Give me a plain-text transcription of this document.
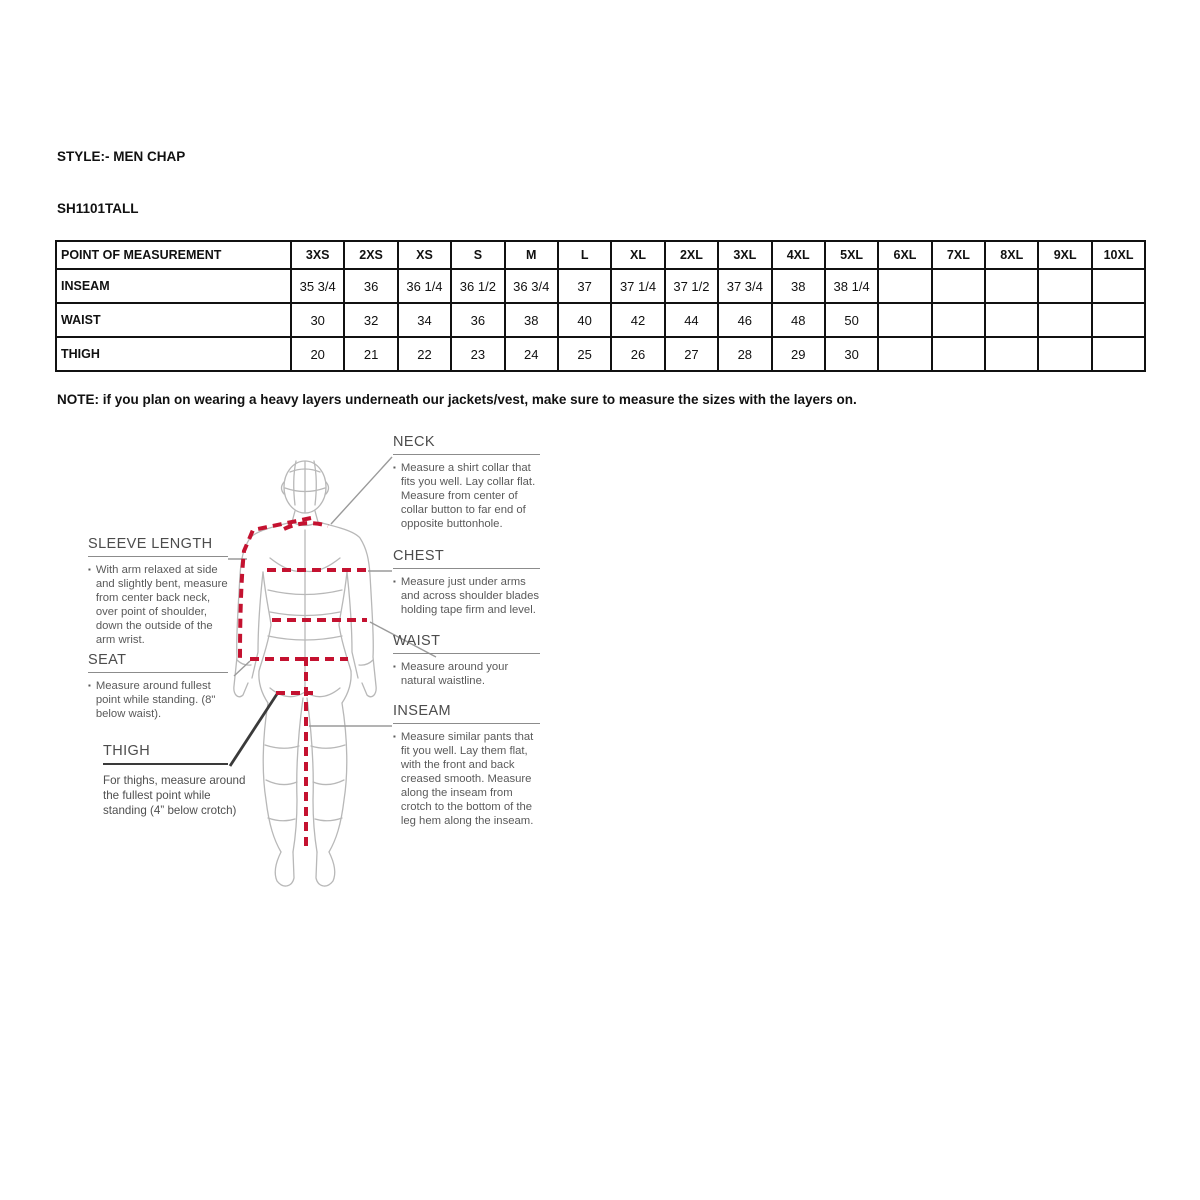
STYLE:- MEN CHAP
SH1101TALL
POINT OF MEASUREMENT	3XS	2XS	XS	S	M	L	XL	2XL	3XL	4XL	5XL	6XL	7XL	8XL	9XL	10XL
INSEAM	35 3/4	36	36 1/4	36 1/2	36 3/4	37	37 1/4	37 1/2	37 3/4	38	38 1/4					
WAIST	30	32	34	36	38	40	42	44	46	48	50					
THIGH	20	21	22	23	24	25	26	27	28	29	30					
NOTE: if you plan on wearing a heavy layers underneath our jackets/vest, make sure to measure the sizes with the layers on.
NECK
▪ Measure a shirt collar that fits you well. Lay collar flat. Measure from center of collar button to far end of opposite buttonhole.

CHEST
▪ Measure just under arms and across shoulder blades holding tape firm and level.

WAIST
▪ Measure around your natural waistline.

INSEAM
▪ Measure similar pants that fit you well. Lay them flat, with the front and back creased smooth. Measure along the inseam from crotch to the bottom of the leg hem along the inseam.

SLEEVE LENGTH
▪ With arm relaxed at side and slightly bent, measure from center back neck, over point of shoulder, down the outside of the arm wrist.

SEAT
▪ Measure around fullest point while standing. (8" below waist).

THIGH

For thighs, measure around the fullest point while standing (4” below crotch)
